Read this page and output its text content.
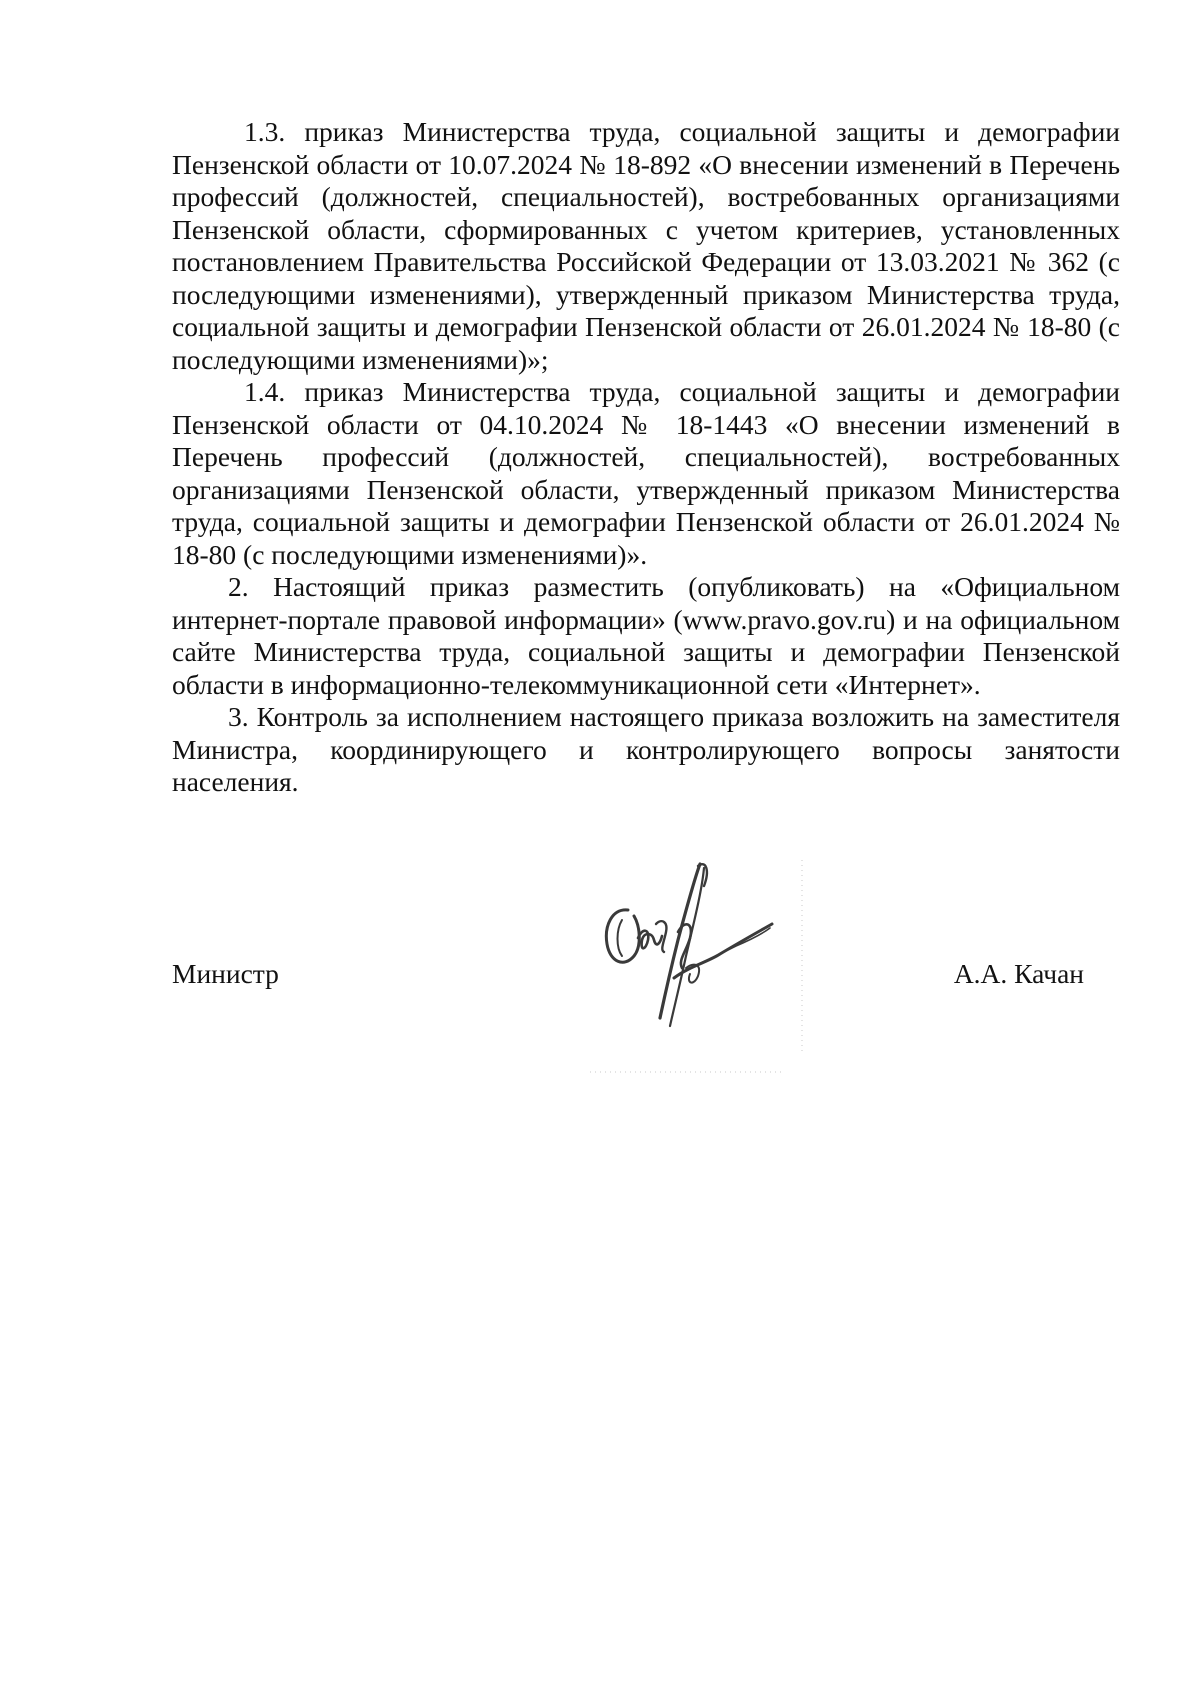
1.3. приказ Министерства труда, социальной защиты и демографии Пензенской области от 10.07.2024 № 18-892 «О внесении изменений в Перечень профессий (должностей, специальностей), востребованных организациями Пензенской области, сформированных с учетом критериев, установленных постановлением Правительства Российской Федерации от 13.03.2021 № 362 (с последующими изменениями), утвержденный приказом Министерства труда, социальной защиты и демографии Пензенской области от 26.01.2024 № 18-80 (с последующими изменениями)»;

1.4. приказ Министерства труда, социальной защиты и демографии Пензенской области от 04.10.2024 № 18-1443 «О внесении изменений в Перечень профессий (должностей, специальностей), востребованных организациями Пензенской области, утвержденный приказом Министерства труда, социальной защиты и демографии Пензенской области от 26.01.2024 № 18-80 (с последующими изменениями)».

2. Настоящий приказ разместить (опубликовать) на «Официальном интернет-портале правовой информации» (www.pravo.gov.ru) и на официальном сайте Министерства труда, социальной защиты и демографии Пензенской области в информационно-телекоммуникационной сети «Интернет».

3. Контроль за исполнением настоящего приказа возложить на заместителя Министра, координирующего и контролирующего вопросы занятости населения.

Министр	А.А. Качан
